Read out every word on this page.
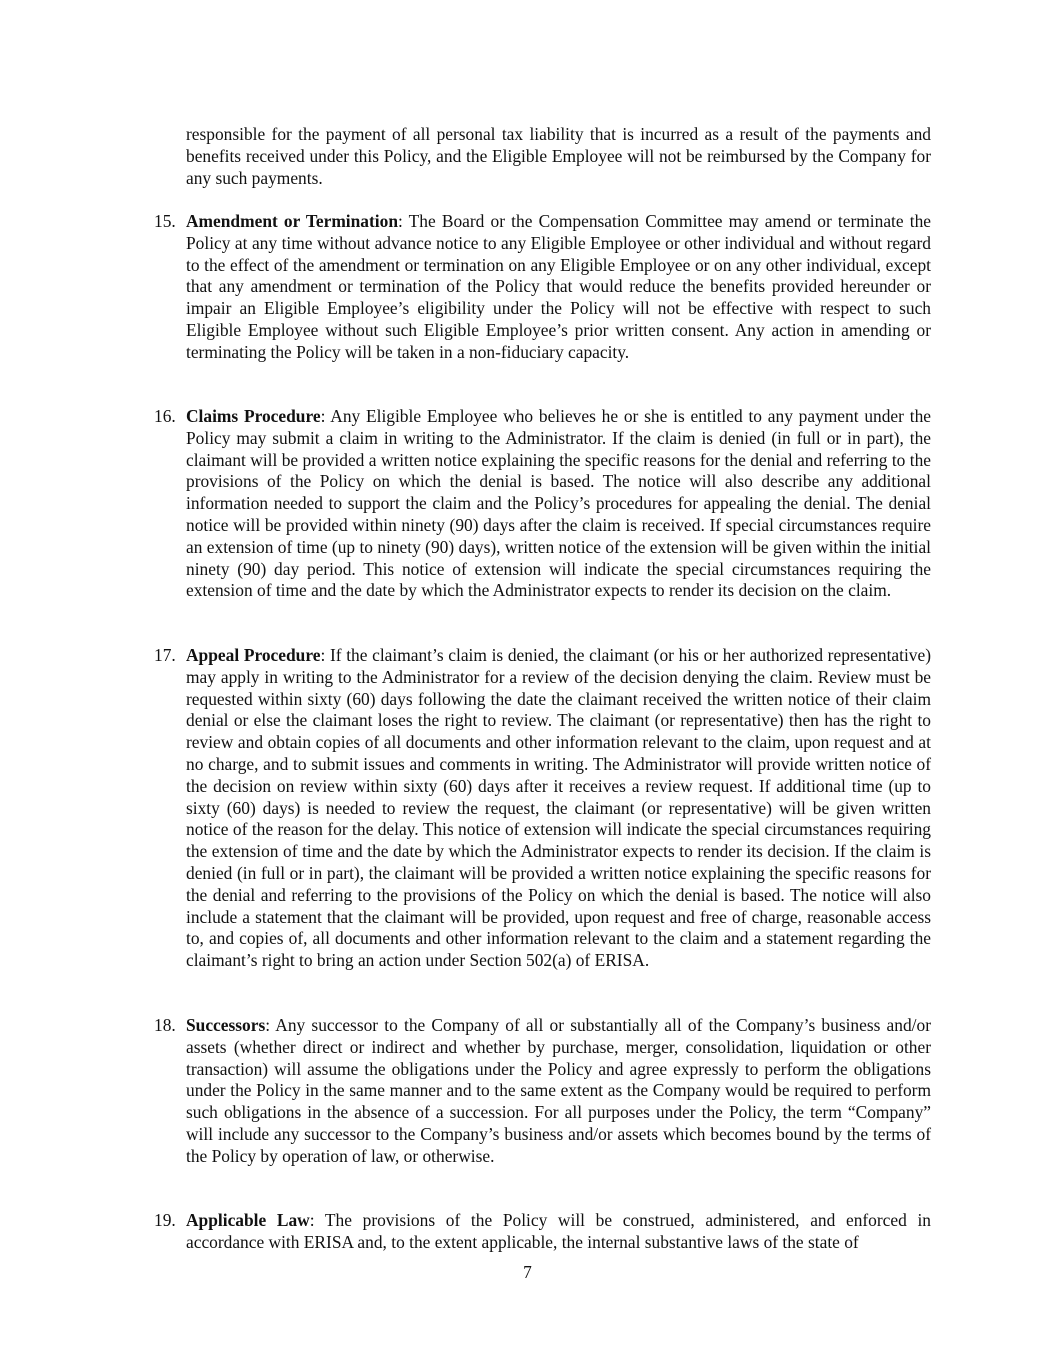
responsible for the payment of all personal tax liability that is incurred as a result of the payments and benefits received under this Policy, and the Eligible Employee will not be reimbursed by the Company for any such payments.

15. Amendment or Termination: The Board or the Compensation Committee may amend or terminate the Policy at any time without advance notice to any Eligible Employee or other individual and without regard to the effect of the amendment or termination on any Eligible Employee or on any other individual, except that any amendment or termination of the Policy that would reduce the benefits provided hereunder or impair an Eligible Employee’s eligibility under the Policy will not be effective with respect to such Eligible Employee without such Eligible Employee’s prior written consent. Any action in amending or terminating the Policy will be taken in a non-fiduciary capacity.
16. Claims Procedure: Any Eligible Employee who believes he or she is entitled to any payment under the Policy may submit a claim in writing to the Administrator. If the claim is denied (in full or in part), the claimant will be provided a written notice explaining the specific reasons for the denial and referring to the provisions of the Policy on which the denial is based. The notice will also describe any additional information needed to support the claim and the Policy’s procedures for appealing the denial. The denial notice will be provided within ninety (90) days after the claim is received. If special circumstances require an extension of time (up to ninety (90) days), written notice of the extension will be given within the initial ninety (90) day period. This notice of extension will indicate the special circumstances requiring the extension of time and the date by which the Administrator expects to render its decision on the claim.
17. Appeal Procedure: If the claimant’s claim is denied, the claimant (or his or her authorized representative) may apply in writing to the Administrator for a review of the decision denying the claim. Review must be requested within sixty (60) days following the date the claimant received the written notice of their claim denial or else the claimant loses the right to review. The claimant (or representative) then has the right to review and obtain copies of all documents and other information relevant to the claim, upon request and at no charge, and to submit issues and comments in writing. The Administrator will provide written notice of the decision on review within sixty (60) days after it receives a review request. If additional time (up to sixty (60) days) is needed to review the request, the claimant (or representative) will be given written notice of the reason for the delay. This notice of extension will indicate the special circumstances requiring the extension of time and the date by which the Administrator expects to render its decision. If the claim is denied (in full or in part), the claimant will be provided a written notice explaining the specific reasons for the denial and referring to the provisions of the Policy on which the denial is based. The notice will also include a statement that the claimant will be provided, upon request and free of charge, reasonable access to, and copies of, all documents and other information relevant to the claim and a statement regarding the claimant’s right to bring an action under Section 502(a) of ERISA.
18. Successors: Any successor to the Company of all or substantially all of the Company’s business and/or assets (whether direct or indirect and whether by purchase, merger, consolidation, liquidation or other transaction) will assume the obligations under the Policy and agree expressly to perform the obligations under the Policy in the same manner and to the same extent as the Company would be required to perform such obligations in the absence of a succession. For all purposes under the Policy, the term “Company” will include any successor to the Company’s business and/or assets which becomes bound by the terms of the Policy by operation of law, or otherwise.
19. Applicable Law: The provisions of the Policy will be construed, administered, and enforced in accordance with ERISA and, to the extent applicable, the internal substantive laws of the state of
7
